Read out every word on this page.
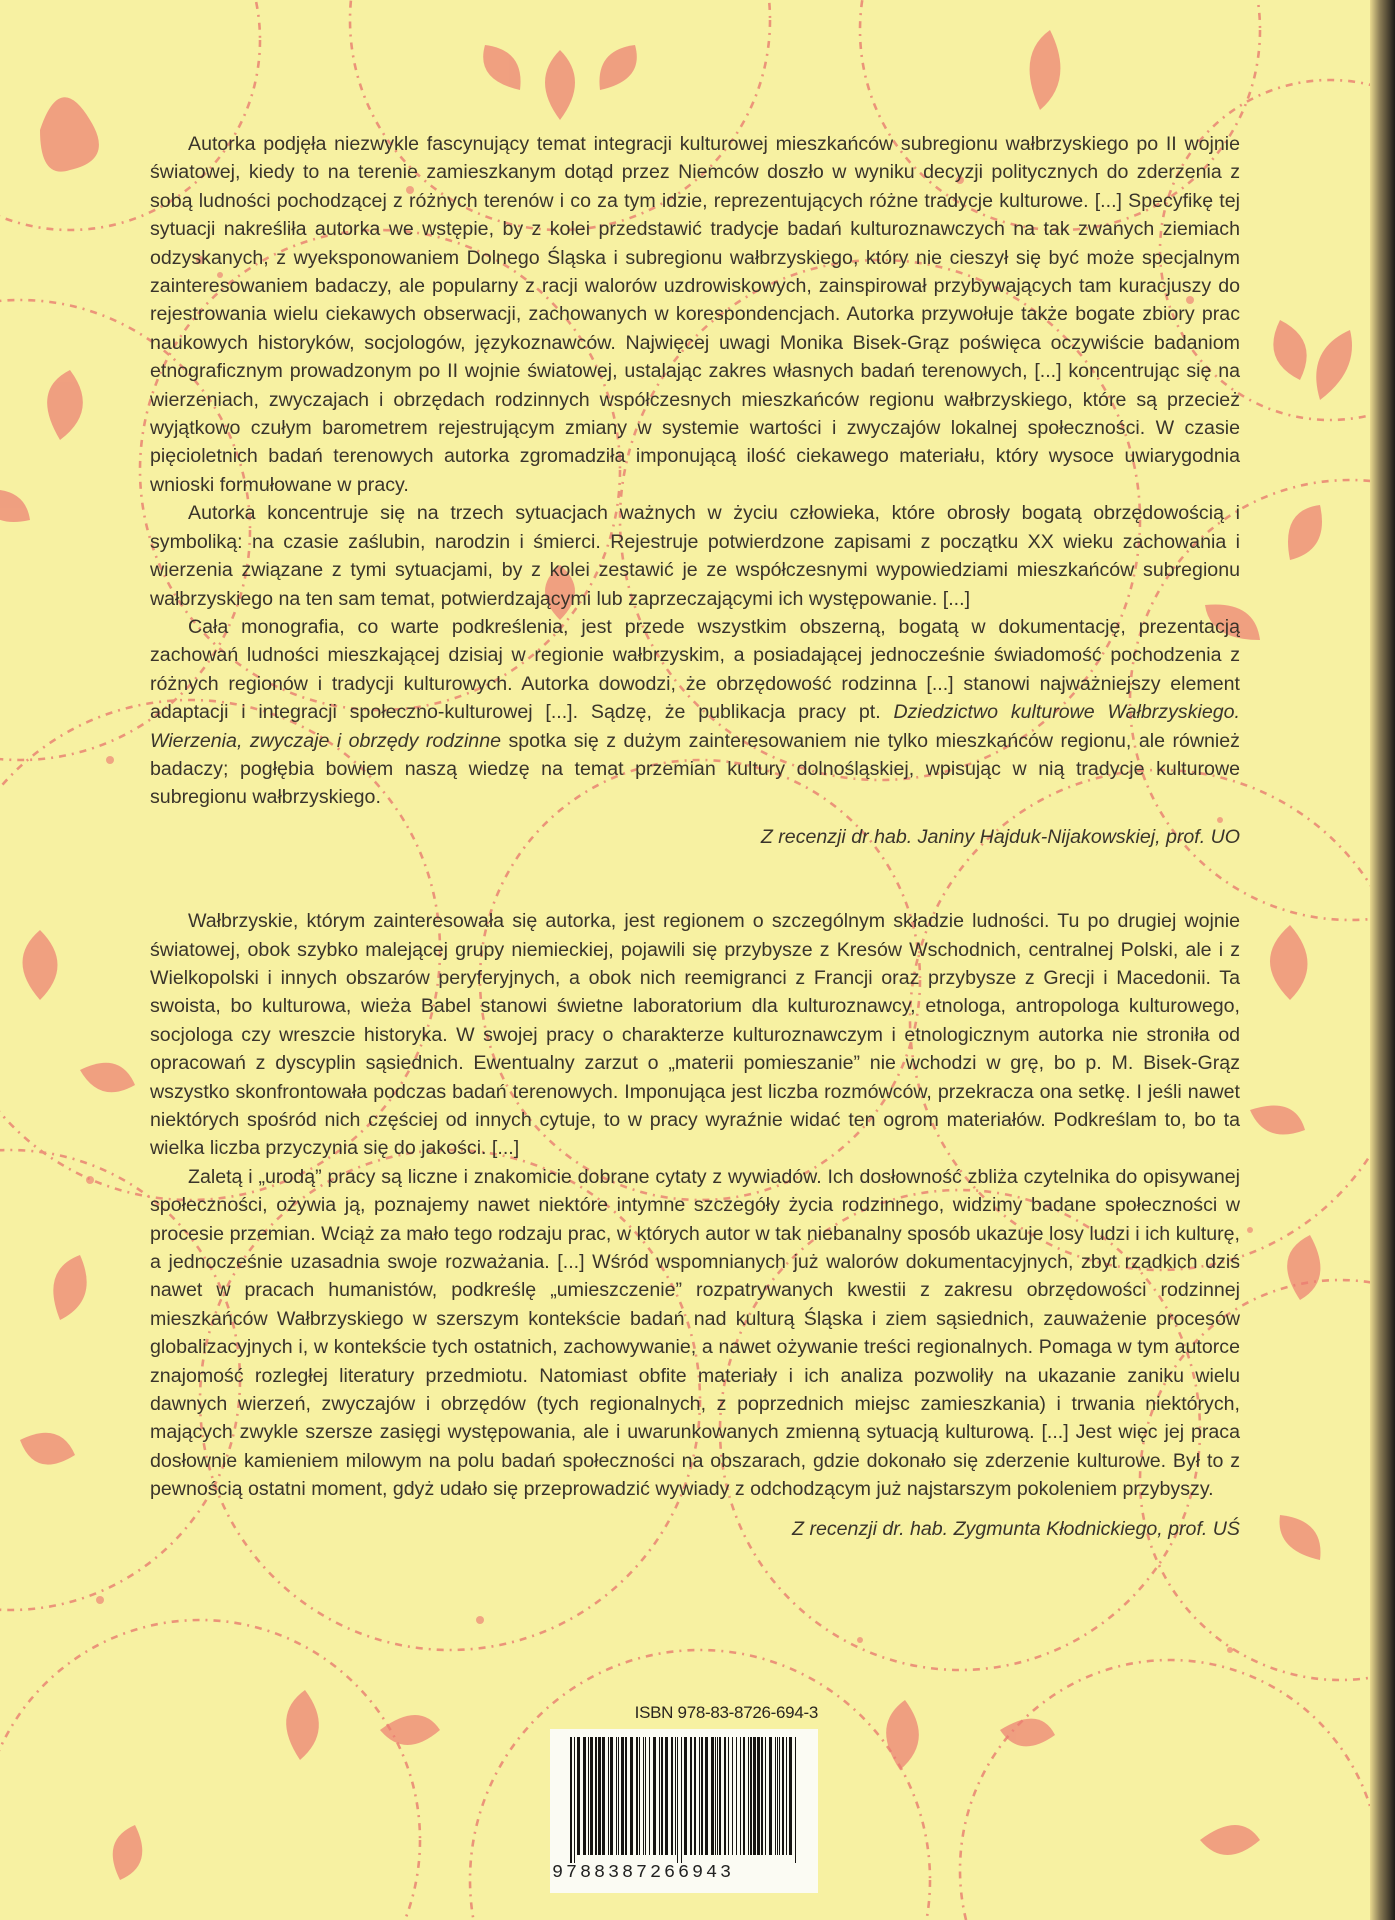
Autorka podjęła niezwykle fascynujący temat integracji kulturowej mieszkańców subregionu wałbrzyskiego po II wojnie światowej, kiedy to na terenie zamieszkanym dotąd przez Niemców doszło w wyniku decyzji politycznych do zderzenia z sobą ludności pochodzącej z różnych terenów i co za tym idzie, reprezentujących różne tradycje kulturowe. [...] Specyfikę tej sytuacji nakreśliła autorka we wstępie, by z kolei przedstawić tradycje badań kulturoznawczych na tak zwanych ziemiach odzyskanych, z wyeksponowaniem Dolnego Śląska i subregionu wałbrzyskiego, który nie cieszył się być może specjalnym zainteresowaniem badaczy, ale popularny z racji walorów uzdrowiskowych, zainspirował przybywających tam kuracjuszy do rejestrowania wielu ciekawych obserwacji, zachowanych w korespondencjach. Autorka przywołuje także bogate zbiory prac naukowych historyków, socjologów, językoznawców. Najwięcej uwagi Monika Bisek-Grąz poświęca oczywiście badaniom etnograficznym prowadzonym po II wojnie światowej, ustalając zakres własnych badań terenowych, [...] koncentrując się na wierzeniach, zwyczajach i obrzędach rodzinnych współczesnych mieszkańców regionu wałbrzyskiego, które są przecież wyjątkowo czułym barometrem rejestrującym zmiany w systemie wartości i zwyczajów lokalnej społeczności. W czasie pięcioletnich badań terenowych autorka zgromadziła imponującą ilość ciekawego materiału, który wysoce uwiarygodnia wnioski formułowane w pracy.

Autorka koncentruje się na trzech sytuacjach ważnych w życiu człowieka, które obrosły bogatą obrzędowością i symboliką: na czasie zaślubin, narodzin i śmierci. Rejestruje potwierdzone zapisami z początku XX wieku zachowania i wierzenia związane z tymi sytuacjami, by z kolei zestawić je ze współczesnymi wypowiedziami mieszkańców subregionu wałbrzyskiego na ten sam temat, potwierdzającymi lub zaprzeczającymi ich występowanie. [...]

Cała monografia, co warte podkreślenia, jest przede wszystkim obszerną, bogatą w dokumentację, prezentacją zachowań ludności mieszkającej dzisiaj w regionie wałbrzyskim, a posiadającej jednocześnie świadomość pochodzenia z różnych regionów i tradycji kulturowych. Autorka dowodzi, że obrzędowość rodzinna [...] stanowi najważniejszy element adaptacji i integracji społeczno-kulturowej [...]. Sądzę, że publikacja pracy pt. Dziedzictwo kulturowe Wałbrzyskiego. Wierzenia, zwyczaje i obrzędy rodzinne spotka się z dużym zainteresowaniem nie tylko mieszkańców regionu, ale również badaczy; pogłębia bowiem naszą wiedzę na temat przemian kultury dolnośląskiej, wpisując w nią tradycje kulturowe subregionu wałbrzyskiego.

Z recenzji dr hab. Janiny Hajduk-Nijakowskiej, prof. UO

Wałbrzyskie, którym zainteresowała się autorka, jest regionem o szczególnym składzie ludności. Tu po drugiej wojnie światowej, obok szybko malejącej grupy niemieckiej, pojawili się przybysze z Kresów Wschodnich, centralnej Polski, ale i z Wielkopolski i innych obszarów peryferyjnych, a obok nich reemigranci z Francji oraz przybysze z Grecji i Macedonii. Ta swoista, bo kulturowa, wieża Babel stanowi świetne laboratorium dla kulturoznawcy, etnologa, antropologa kulturowego, socjologa czy wreszcie historyka. W swojej pracy o charakterze kulturoznawczym i etnologicznym autorka nie stroniła od opracowań z dyscyplin sąsiednich. Ewentualny zarzut o „materii pomieszanie” nie wchodzi w grę, bo p. M. Bisek-Grąz wszystko skonfrontowała podczas badań terenowych. Imponująca jest liczba rozmówców, przekracza ona setkę. I jeśli nawet niektórych spośród nich częściej od innych cytuje, to w pracy wyraźnie widać ten ogrom materiałów. Podkreślam to, bo ta wielka liczba przyczynia się do jakości. [...]

Zaletą i „urodą” pracy są liczne i znakomicie dobrane cytaty z wywiadów. Ich dosłowność zbliża czytelnika do opisywanej społeczności, ożywia ją, poznajemy nawet niektóre intymne szczegóły życia rodzinnego, widzimy badane społeczności w procesie przemian. Wciąż za mało tego rodzaju prac, w których autor w tak niebanalny sposób ukazuje losy ludzi i ich kulturę, a jednocześnie uzasadnia swoje rozważania. [...] Wśród wspomnianych już walorów dokumentacyjnych, zbyt rzadkich dziś nawet w pracach humanistów, podkreślę „umieszczenie” rozpatrywanych kwestii z zakresu obrzędowości rodzinnej mieszkańców Wałbrzyskiego w szerszym kontekście badań nad kulturą Śląska i ziem sąsiednich, zauważenie procesów globalizacyjnych i, w kontekście tych ostatnich, zachowywanie, a nawet ożywanie treści regionalnych. Pomaga w tym autorce znajomość rozległej literatury przedmiotu. Natomiast obfite materiały i ich analiza pozwoliły na ukazanie zaniku wielu dawnych wierzeń, zwyczajów i obrzędów (tych regionalnych, z poprzednich miejsc zamieszkania) i trwania niektórych, mających zwykle szersze zasięgi występowania, ale i uwarunkowanych zmienną sytuacją kulturową. [...] Jest więc jej praca dosłownie kamieniem milowym na polu badań społeczności na obszarach, gdzie dokonało się zderzenie kulturowe. Był to z pewnością ostatni moment, gdyż udało się przeprowadzić wywiady z odchodzącym już najstarszym pokoleniem przybyszy.

Z recenzji dr. hab. Zygmunta Kłodnickiego, prof. UŚ

ISBN 978-83-8726-694-3
9788387266943
